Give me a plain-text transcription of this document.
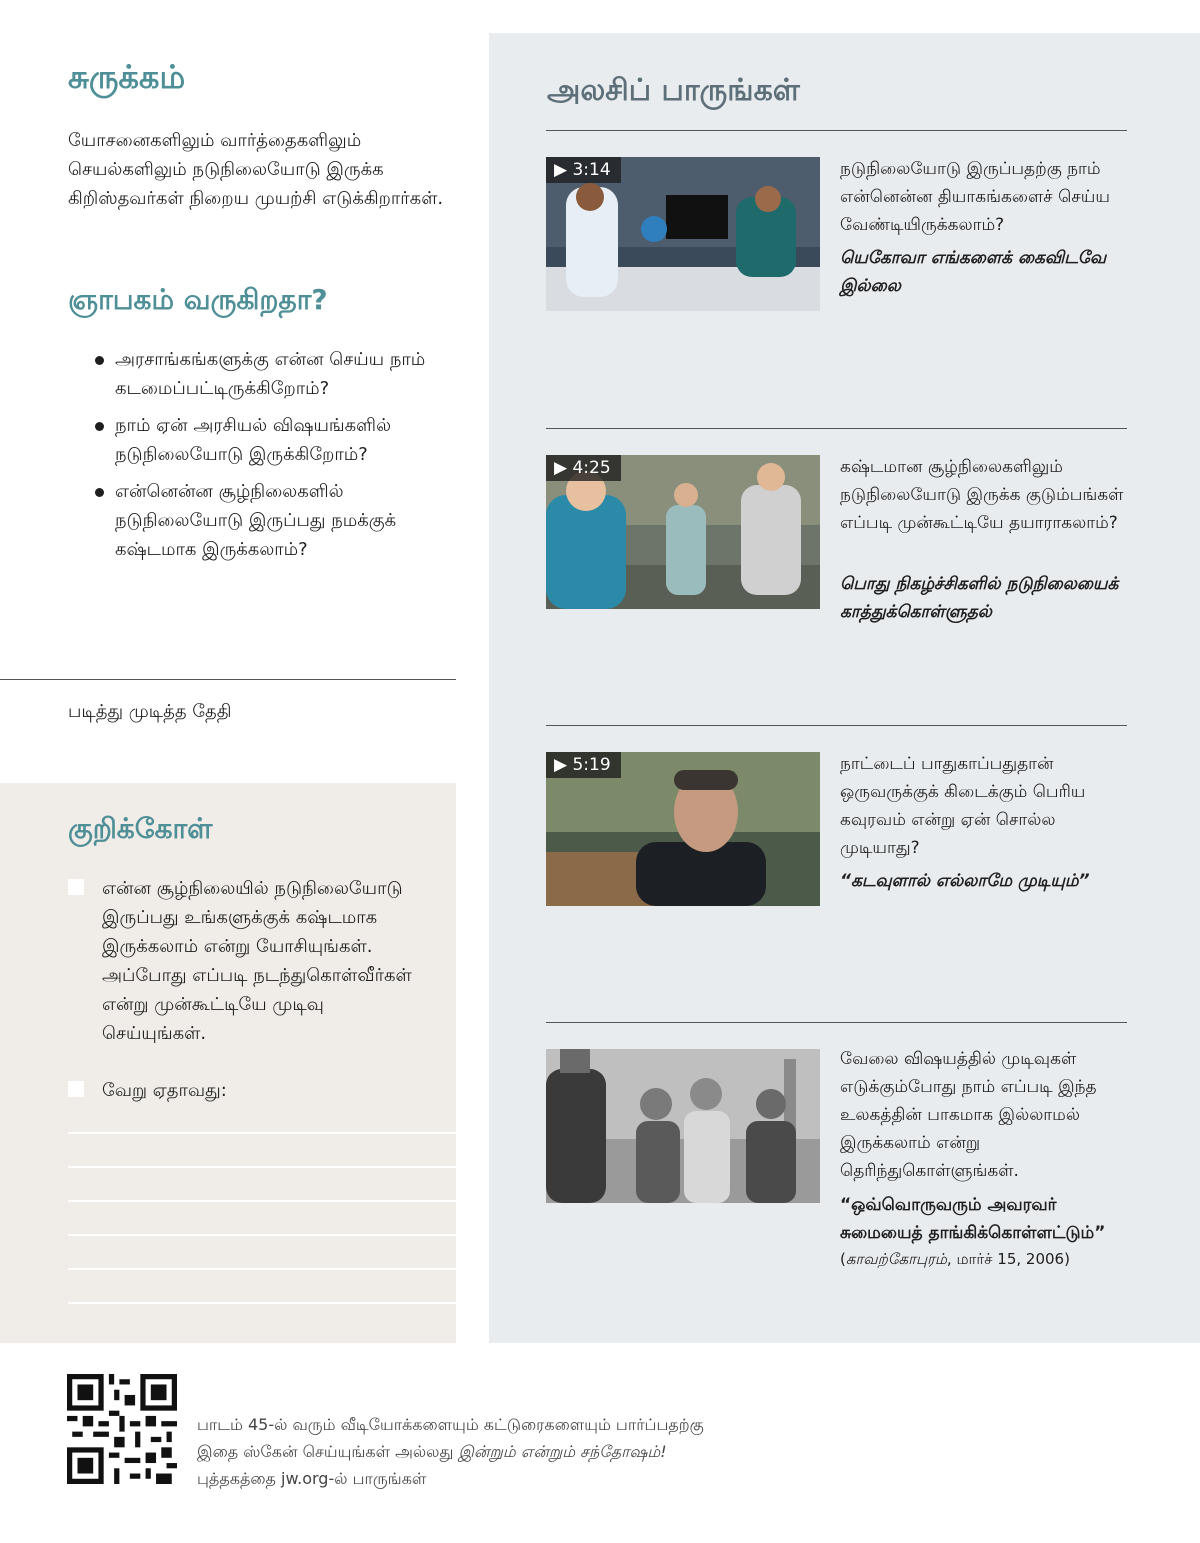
சுருக்கம்

யோசனைகளிலும் வார்த்தைகளிலும் செயல்களிலும் நடுநிலையோடு இருக்க கிறிஸ்தவர்கள் நிறைய முயற்சி எடுக்கிறார்கள்.

ஞாபகம் வருகிறதா?
அரசாங்கங்களுக்கு என்ன செய்ய நாம் கடமைப்பட்டிருக்கிறோம்?
நாம் ஏன் அரசியல் விஷயங்களில் நடுநிலையோடு இருக்கிறோம்?
என்னென்ன சூழ்நிலைகளில் நடுநிலையோடு இருப்பது நமக்குக் கஷ்டமாக இருக்கலாம்?
படித்து முடித்த தேதி
குறிக்கோள்
என்ன சூழ்நிலையில் நடுநிலையோடு இருப்பது உங்களுக்குக் கஷ்டமாக இருக்கலாம் என்று யோசியுங்கள். அப்போது எப்படி நடந்துகொள்வீர்கள் என்று முன்கூட்டியே முடிவு செய்யுங்கள்.
வேறு ஏதாவது:
அலசிப் பாருங்கள்
▶ 3:14	நடுநிலையோடு இருப்பதற்கு நாம் என்னென்ன தியாகங்களைச் செய்ய வேண்டியிருக்கலாம்?

யெகோவா எங்களைக் கைவிடவே இல்லை

▶ 4:25	கஷ்டமான சூழ்நிலைகளிலும் நடுநிலையோடு இருக்க குடும்பங்கள் எப்படி முன்கூட்டியே தயாராகலாம்?

பொது நிகழ்ச்சிகளில் நடுநிலையைக் காத்துக்கொள்ளுதல்

▶ 5:19	நாட்டைப் பாதுகாப்பதுதான் ஒருவருக்குக் கிடைக்கும் பெரிய கவுரவம் என்று ஏன் சொல்ல முடியாது?

“கடவுளால் எல்லாமே முடியும்”

வேலை விஷயத்தில் முடிவுகள் எடுக்கும்போது நாம் எப்படி இந்த உலகத்தின் பாகமாக இல்லாமல் இருக்கலாம் என்று தெரிந்துகொள்ளுங்கள்.

“ஒவ்வொருவரும் அவரவர் சுமையைத் தாங்கிக்கொள்ளட்டும்”
(காவற்கோபுரம், மார்ச் 15, 2006)

பாடம் 45-ல் வரும் வீடியோக்களையும் கட்டுரைகளையும் பார்ப்பதற்கு இதை ஸ்கேன் செய்யுங்கள் அல்லது இன்றும் என்றும் சந்தோஷம்! புத்தகத்தை jw.org-ல் பாருங்கள்
